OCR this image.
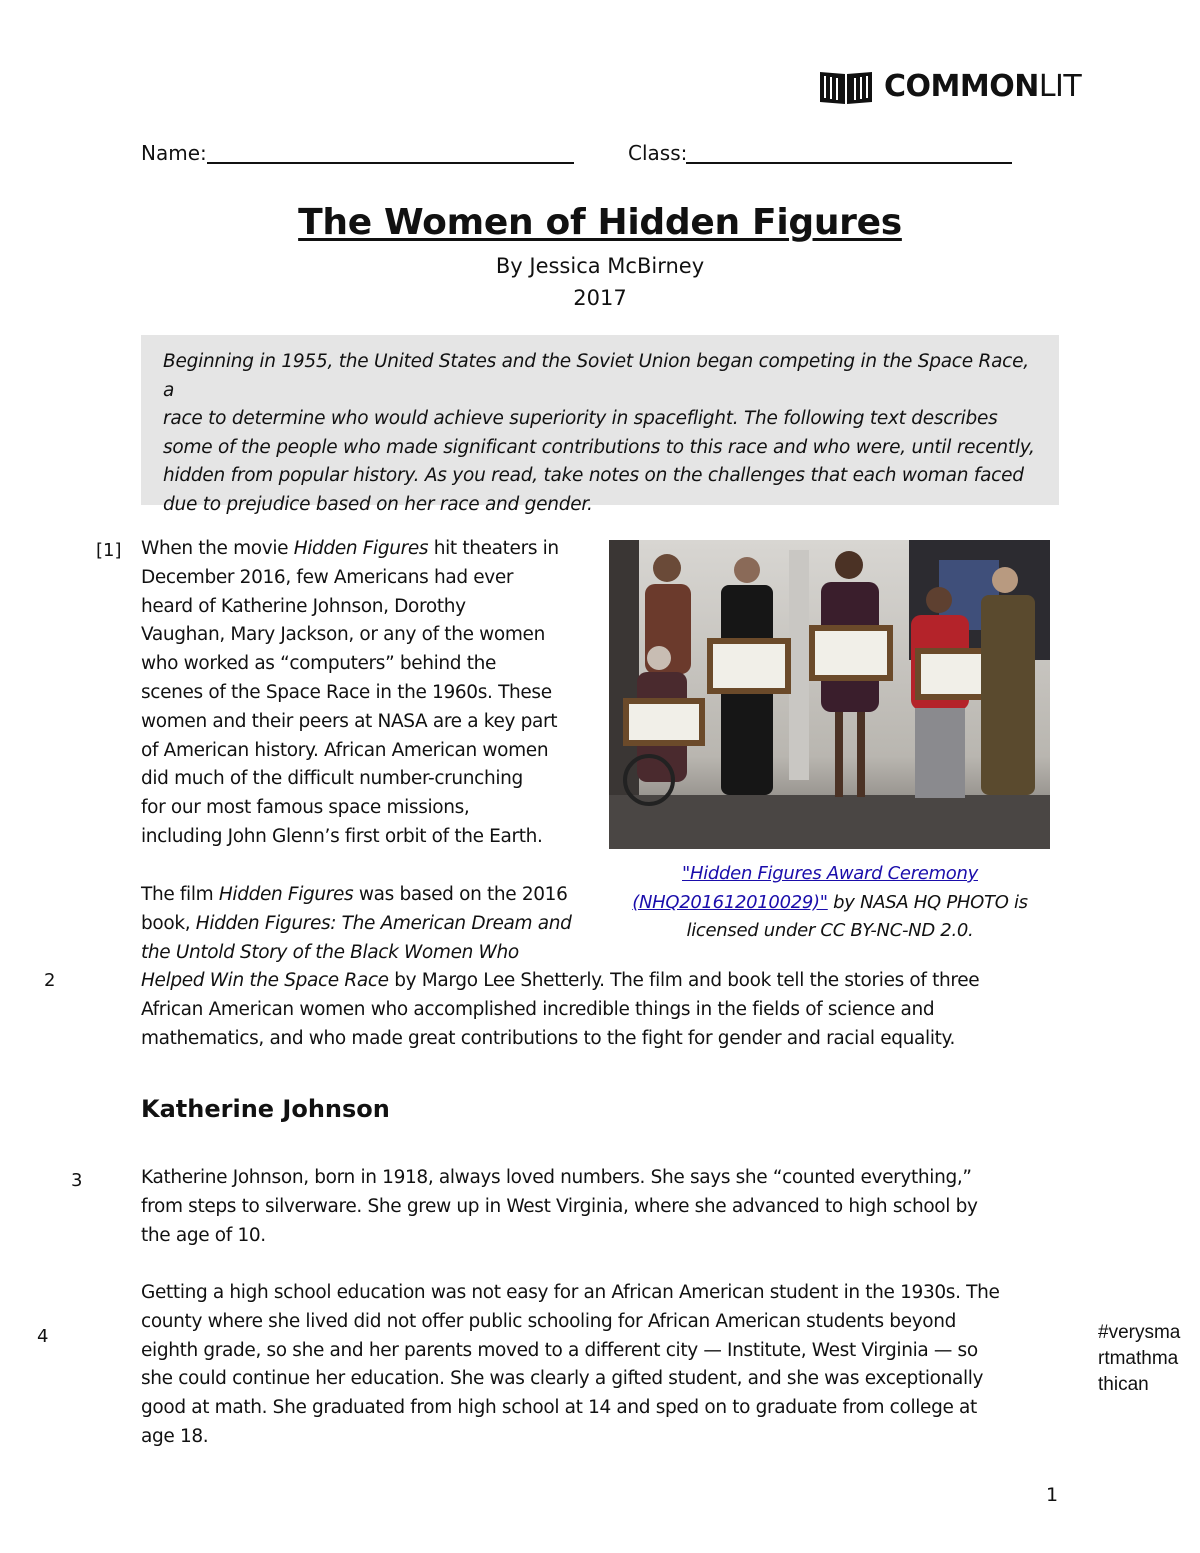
COMMONLIT
Name:	Class:
The Women of Hidden Figures
By Jessica McBirney
2017

Beginning in 1955, the United States and the Soviet Union began competing in the Space Race, a

race to determine who would achieve superiority in spaceflight. The following text describes

some of the people who made significant contributions to this race and who were, until recently,

hidden from popular history. As you read, take notes on the challenges that each woman faced

due to prejudice based on her race and gender.

[1] When the movie Hidden Figures hit theaters in

December 2016, few Americans had ever

heard of Katherine Johnson, Dorothy

Vaughan, Mary Jackson, or any of the women

who worked as “computers” behind the

scenes of the Space Race in the 1960s. These

women and their peers at NASA are a key part

of American history. African American women

did much of the difficult number-crunching

for our most famous space missions,

including John Glenn’s first orbit of the Earth.

"Hidden Figures Award Ceremony
(NHQ201612010029)" by NASA HQ PHOTO is
licensed under CC BY-NC-ND 2.0.
2

The film Hidden Figures was based on the 2016

book, Hidden Figures: The American Dream and

the Untold Story of the Black Women Who

Helped Win the Space Race by Margo Lee Shetterly. The film and book tell the stories of three

African American women who accomplished incredible things in the fields of science and

mathematics, and who made great contributions to the fight for gender and racial equality.

Katherine Johnson
3	Katherine Johnson, born in 1918, always loved numbers. She says she “counted everything,”

from steps to silverware. She grew up in West Virginia, where she advanced to high school by

the age of 10.

4

Getting a high school education was not easy for an African American student in the 1930s. The

county where she lived did not offer public schooling for African American students beyond

eighth grade, so she and her parents moved to a different city — Institute, West Virginia — so

she could continue her education. She was clearly a gifted student, and she was exceptionally

good at math. She graduated from high school at 14 and sped on to graduate from college at

age 18.

#verysma
rtmathma
thican
1
